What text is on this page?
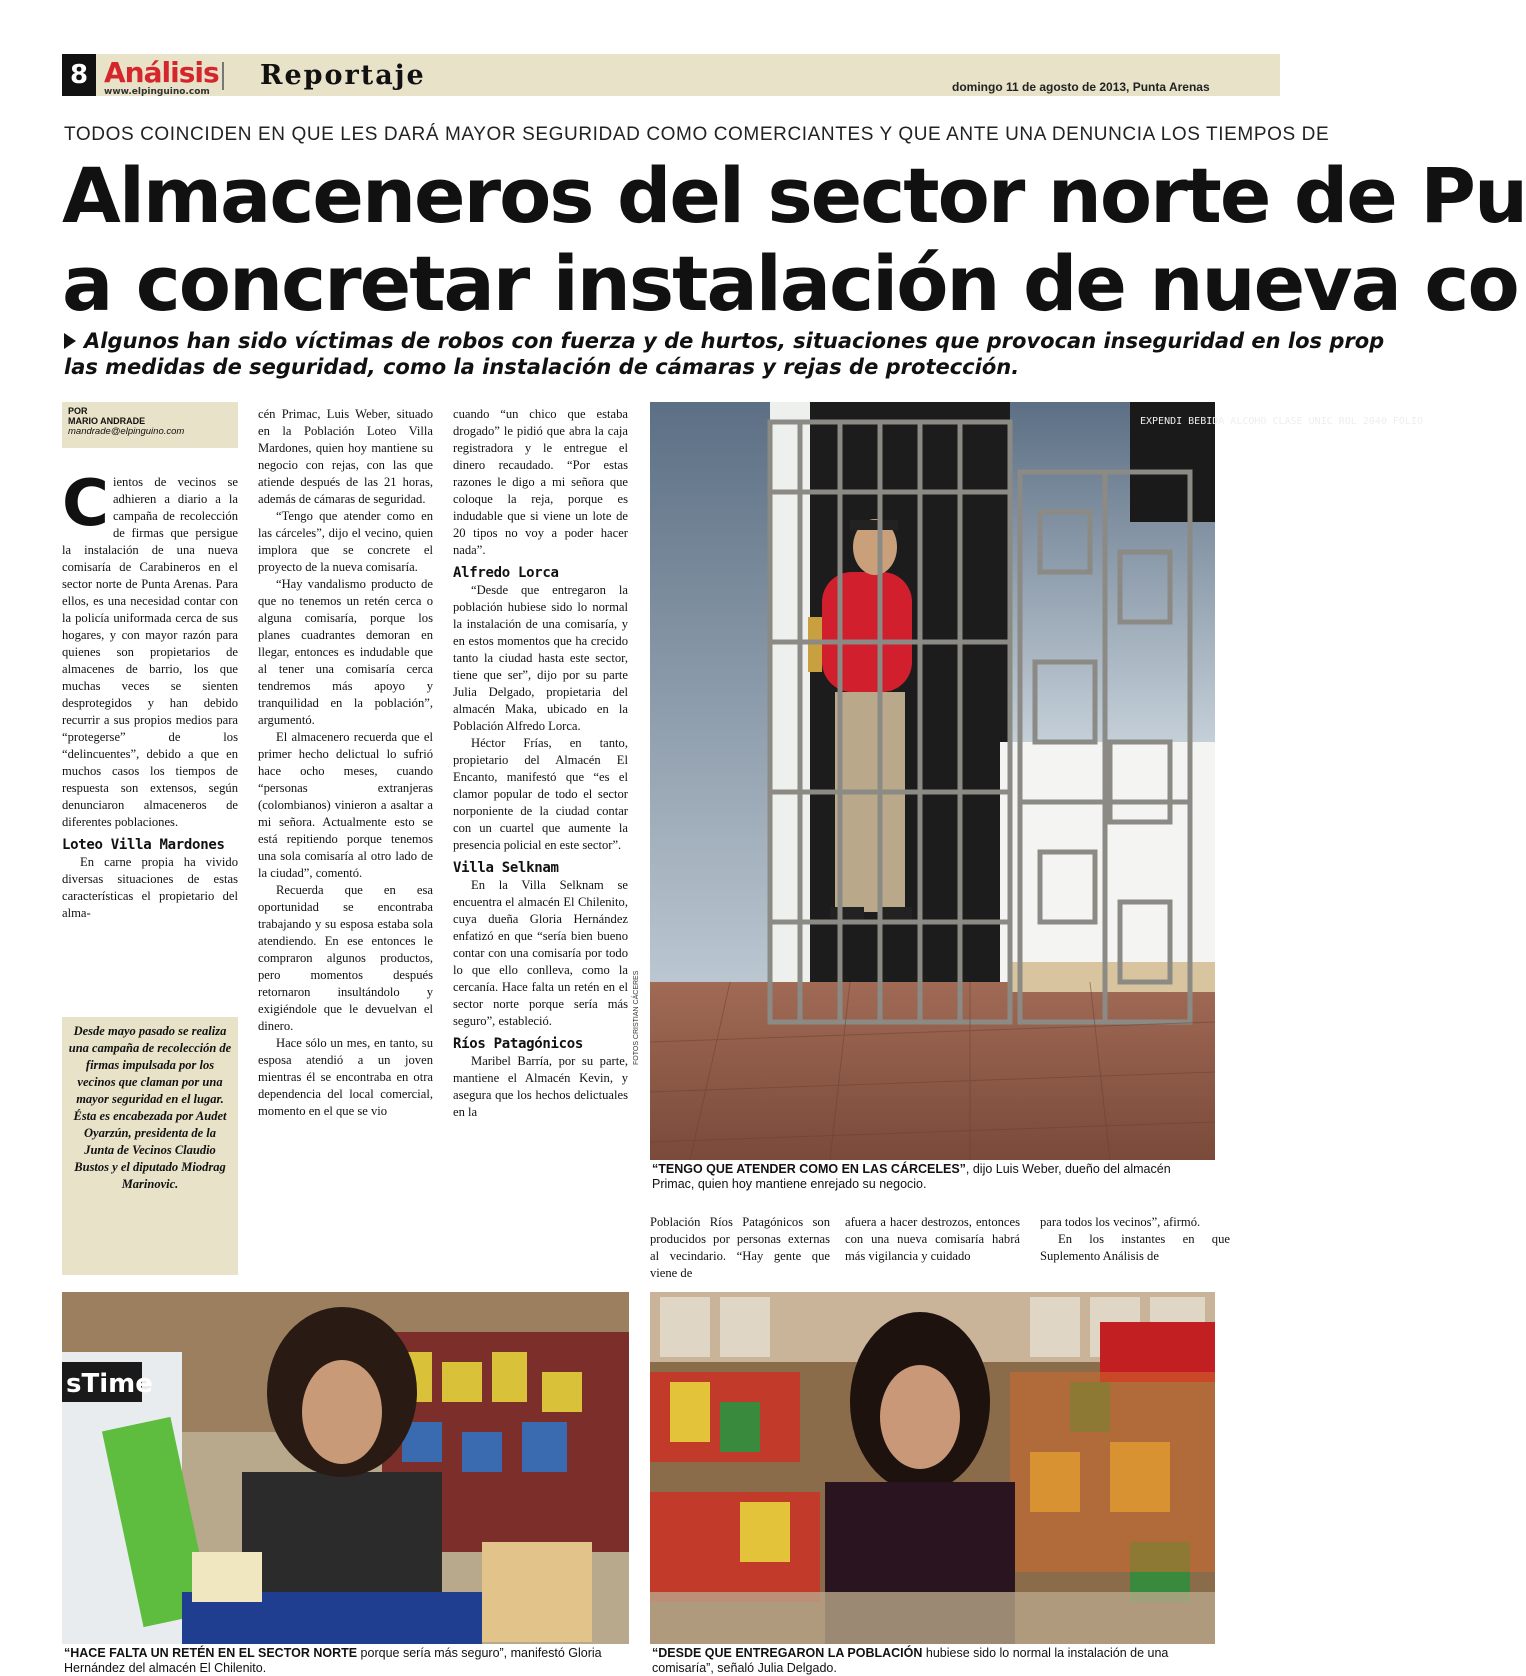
8 Análisis
www.elpinguino.com
Reportaje	domingo 11 de agosto de 2013, Punta Arenas
TODOS COINCIDEN EN QUE LES DARÁ MAYOR SEGURIDAD COMO COMERCIANTES Y QUE ANTE UNA DENUNCIA LOS TIEMPOS DE
Almaceneros del sector norte de Pu
a concretar instalación de nueva co
Algunos han sido víctimas de robos con fuerza y de hurtos, situaciones que provocan inseguridad en los prop
las medidas de seguridad, como la instalación de cámaras y rejas de protección.
POR
MARIO ANDRADE
mandrade@elpinguino.com
C ientos de vecinos se adhieren a diario a la campaña de recolección de firmas que persigue la instalación de una nueva comisaría de Carabineros en el sector norte de Punta Arenas. Para ellos, es una necesidad contar con la policía uniformada cerca de sus hogares, y con mayor razón para quienes son propietarios de almacenes de barrio, los que muchas veces se sienten desprotegidos y han debido recurrir a sus propios medios para “protegerse” de los “delincuentes”, debido a que en muchos casos los tiempos de respuesta son extensos, según denunciaron almaceneros de diferentes poblaciones.

Loteo Villa Mardones

En carne propia ha vivido diversas situaciones de estas características el propietario del alma-

Desde mayo pasado se realiza una campaña de recolección de firmas impulsada por los vecinos que claman por una mayor seguridad en el lugar.
Ésta es encabezada por Audet Oyarzún, presidenta de la Junta de Vecinos Claudio Bustos y el diputado Miodrag Marinovic.

cén Primac, Luis Weber, situado en la Población Loteo Villa Mardones, quien hoy mantiene su negocio con rejas, con las que atiende después de las 21 horas, además de cámaras de seguridad.

“Tengo que atender como en las cárceles”, dijo el vecino, quien implora que se concrete el proyecto de la nueva comisaría.

“Hay vandalismo producto de que no tenemos un retén cerca o alguna comisaría, porque los planes cuadrantes demoran en llegar, entonces es indudable que al tener una comisaría cerca tendremos más apoyo y tranquilidad en la población”, argumentó.

El almacenero recuerda que el primer hecho delictual lo sufrió hace ocho meses, cuando “personas extranjeras (colombianos) vinieron a asaltar a mi señora. Actualmente esto se está repitiendo porque tenemos una sola comisaría al otro lado de la ciudad”, comentó.

Recuerda que en esa oportunidad se encontraba trabajando y su esposa estaba sola atendiendo. En ese entonces le compraron algunos productos, pero momentos después retornaron insultándolo y exigiéndole que le devuelvan el dinero.

Hace sólo un mes, en tanto, su esposa atendió a un joven mientras él se encontraba en otra dependencia del local comercial, momento en el que se vio

cuando “un chico que estaba drogado” le pidió que abra la caja registradora y le entregue el dinero recaudado. “Por estas razones le digo a mi señora que coloque la reja, porque es indudable que si viene un lote de 20 tipos no voy a poder hacer nada”.

Alfredo Lorca

“Desde que entregaron la población hubiese sido lo normal la instalación de una comisaría, y en estos momentos que ha crecido tanto la ciudad hasta este sector, tiene que ser”, dijo por su parte Julia Delgado, propietaria del almacén Maka, ubicado en la Población Alfredo Lorca.

Héctor Frías, en tanto, propietario del Almacén El Encanto, manifestó que “es el clamor popular de todo el sector norponiente de la ciudad contar con un cuartel que aumente la presencia policial en este sector”.

Villa Selknam

En la Villa Selknam se encuentra el almacén El Chilenito, cuya dueña Gloria Hernández enfatizó en que “sería bien bueno contar con una comisaría por todo lo que ello conlleva, como la cercanía. Hace falta un retén en el sector norte porque sería más seguro”, estableció.

Ríos Patagónicos

Maribel Barría, por su parte, mantiene el Almacén Kevin, y asegura que los hechos delictuales en la

EXPENDI BEBIDA ALCOHO CLASE UNIC ROL 2040 FOLIO
FOTOS CRISTIAN CÁCERES
“TENGO QUE ATENDER COMO EN LAS CÁRCELES”, dijo Luis Weber, dueño del almacén Primac, quien hoy mantiene enrejado su negocio.

Población Ríos Patagónicos son producidos por personas externas al vecindario. “Hay gente que viene de

afuera a hacer destrozos, entonces con una nueva comisaría habrá más vigilancia y cuidado

para todos los vecinos”, afirmó.

En los instantes en que Suplemento Análisis de

sTime
“HACE FALTA UN RETÉN EN EL SECTOR NORTE porque sería más seguro”, manifestó Gloria Hernández del almacén El Chilenito.
“DESDE QUE ENTREGARON LA POBLACIÓN hubiese sido lo normal la instalación de una comisaría”, señaló Julia Delgado.
